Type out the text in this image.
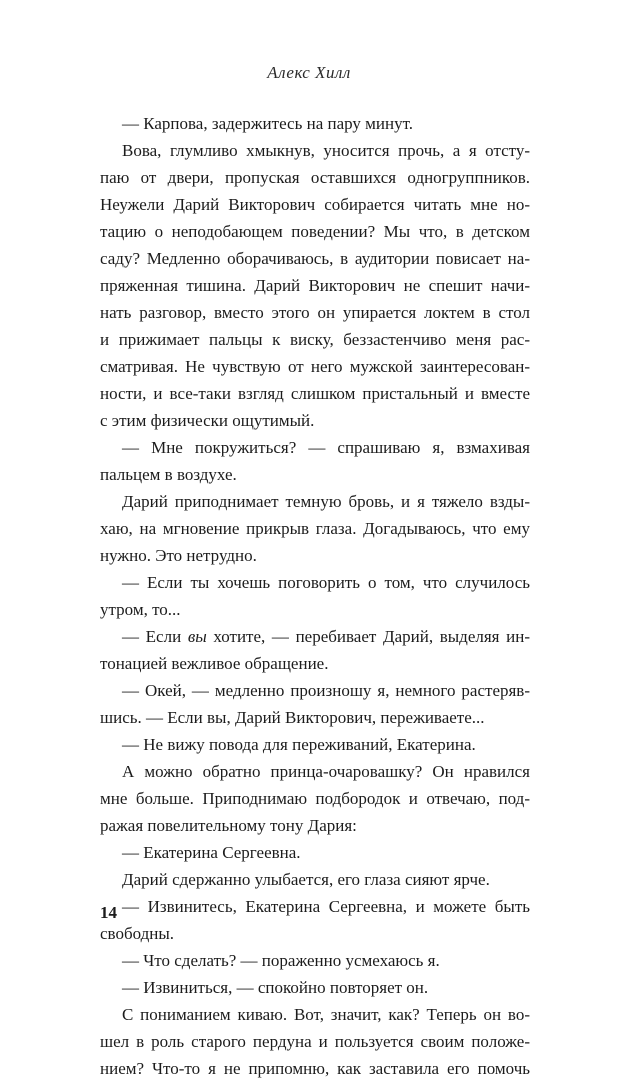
Алекс Хилл
— Карпова, задержитесь на пару минут.
Вова, глумливо хмыкнув, уносится прочь, а я отсту-
паю от двери, пропуская оставшихся одногруппников.
Неужели Дарий Викторович собирается читать мне но-
тацию о неподобающем поведении? Мы что, в детском
саду? Медленно оборачиваюсь, в аудитории повисает на-
пряженная тишина. Дарий Викторович не спешит начи-
нать разговор, вместо этого он упирается локтем в стол
и прижимает пальцы к виску, беззастенчиво меня рас-
сматривая. Не чувствую от него мужской заинтересован-
ности, и все-таки взгляд слишком пристальный и вместе
с этим физически ощутимый.
— Мне покружиться? — спрашиваю я, взмахивая
пальцем в воздухе.
Дарий приподнимает темную бровь, и я тяжело взды-
хаю, на мгновение прикрыв глаза. Догадываюсь, что ему
нужно. Это нетрудно.
— Если ты хочешь поговорить о том, что случилось
утром, то...
— Если вы хотите, — перебивает Дарий, выделяя ин-
тонацией вежливое обращение.
— Окей, — медленно произношу я, немного растеряв-
шись. — Если вы, Дарий Викторович, переживаете...
— Не вижу повода для переживаний, Екатерина.
А можно обратно принца-очаровашку? Он нравился
мне больше. Приподнимаю подбородок и отвечаю, под-
ражая повелительному тону Дария:
— Екатерина Сергеевна.
Дарий сдержанно улыбается, его глаза сияют ярче.
— Извинитесь, Екатерина Сергеевна, и можете быть
свободны.
— Что сделать? — пораженно усмехаюсь я.
— Извиниться, — спокойно повторяет он.
С пониманием киваю. Вот, значит, как? Теперь он во-
шел в роль старого пердуна и пользуется своим положе-
нием? Что-то я не припомню, как заставила его помочь
14
